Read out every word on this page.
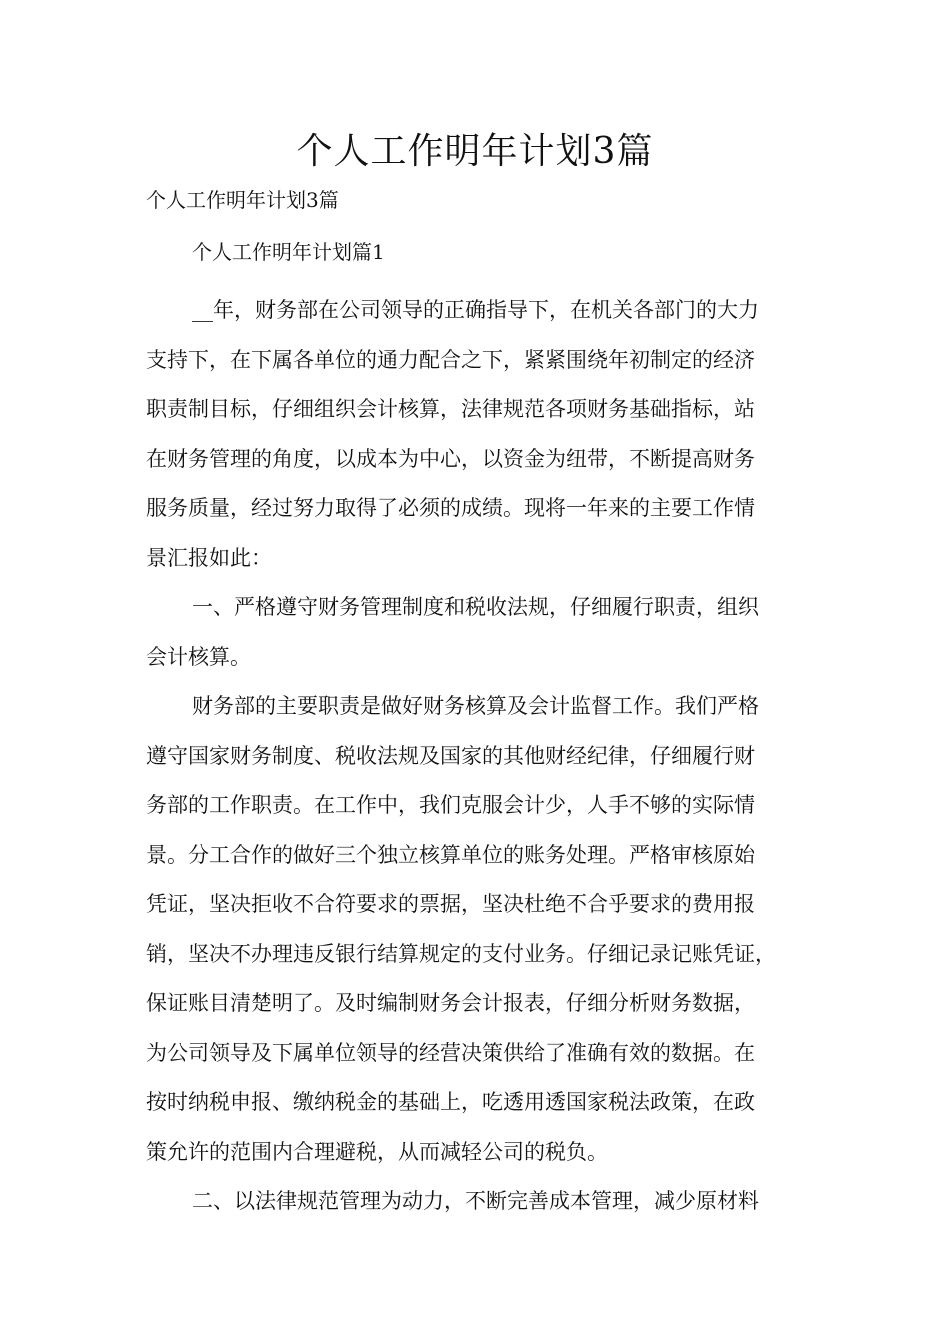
个人工作明年计划3篇
个人工作明年计划3篇
个人工作明年计划篇1
__年，财务部在公司领导的正确指导下，在机关各部门的大力
支持下，在下属各单位的通力配合之下，紧紧围绕年初制定的经济
职责制目标，仔细组织会计核算，法律规范各项财务基础指标，站
在财务管理的角度，以成本为中心，以资金为纽带，不断提高财务
服务质量，经过努力取得了必须的成绩。现将一年来的主要工作情
景汇报如此：
一、严格遵守财务管理制度和税收法规，仔细履行职责，组织
会计核算。
财务部的主要职责是做好财务核算及会计监督工作。我们严格
遵守国家财务制度、税收法规及国家的其他财经纪律，仔细履行财
务部的工作职责。在工作中，我们克服会计少，人手不够的实际情
景。分工合作的做好三个独立核算单位的账务处理。严格审核原始
凭证，坚决拒收不合符要求的票据，坚决杜绝不合乎要求的费用报
销，坚决不办理违反银行结算规定的支付业务。仔细记录记账凭证，
保证账目清楚明了。及时编制财务会计报表，仔细分析财务数据，
为公司领导及下属单位领导的经营决策供给了准确有效的数据。在
按时纳税申报、缴纳税金的基础上，吃透用透国家税法政策，在政
策允许的范围内合理避税，从而减轻公司的税负。
二、以法律规范管理为动力，不断完善成本管理，减少原材料
